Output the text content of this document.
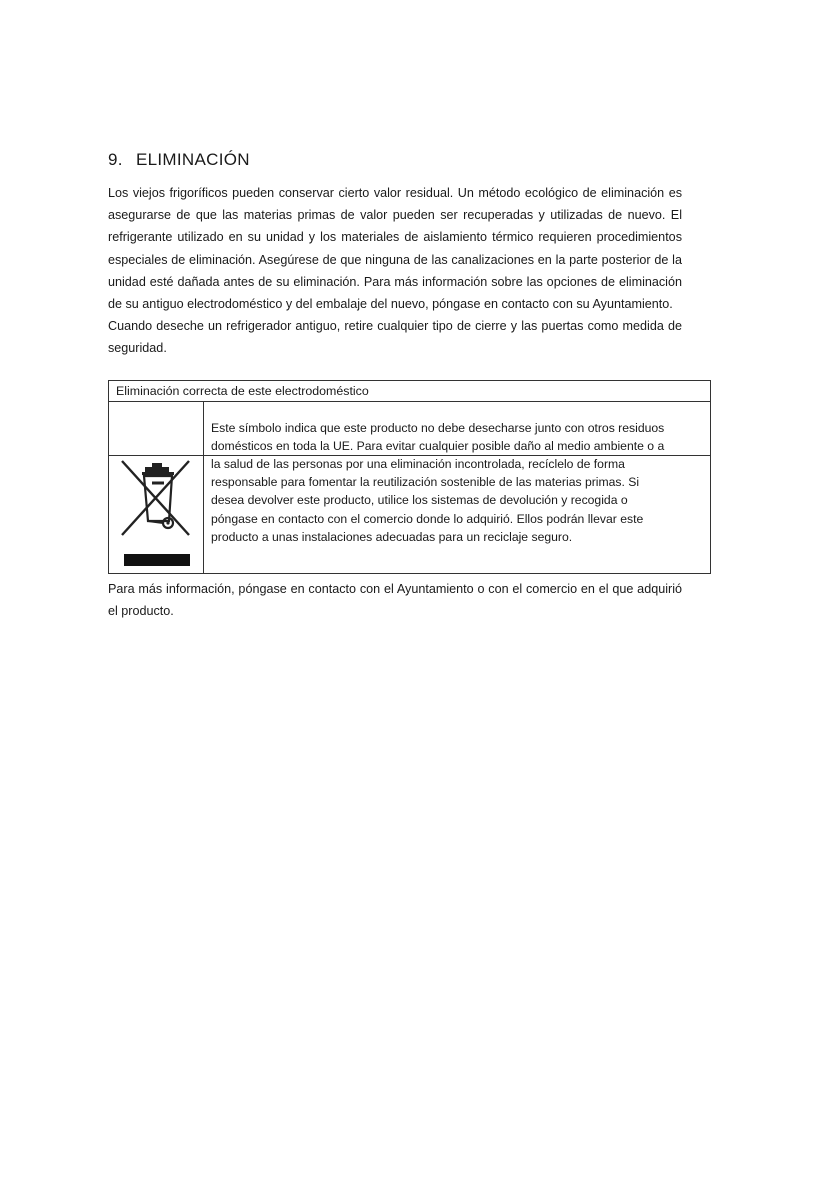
9. ELIMINACIÓN

Los viejos frigoríficos pueden conservar cierto valor residual. Un método ecológico de eliminación es asegurarse de que las materias primas de valor pueden ser recuperadas y utilizadas de nuevo. El refrigerante utilizado en su unidad y los materiales de aislamiento térmico requieren procedimientos especiales de eliminación. Asegúrese de que ninguna de las canalizaciones en la parte posterior de la unidad esté dañada antes de su eliminación. Para más información sobre las opciones de eliminación de su antiguo electrodoméstico y del embalaje del nuevo, póngase en contacto con su Ayuntamiento.

Cuando deseche un refrigerador antiguo, retire cualquier tipo de cierre y las puertas como medida de seguridad.

Eliminación correcta de este electrodoméstico
Este símbolo indica que este producto no debe desecharse junto con otros residuos
domésticos en toda la UE. Para evitar cualquier posible daño al medio ambiente o a
la salud de las personas por una eliminación incontrolada, recíclelo de forma
responsable para fomentar la reutilización sostenible de las materias primas. Si
desea devolver este producto, utilice los sistemas de devolución y recogida o
póngase en contacto con el comercio donde lo adquirió. Ellos podrán llevar este
producto a unas instalaciones adecuadas para un reciclaje seguro.

Para más información, póngase en contacto con el Ayuntamiento o con el comercio en el que adquirió el producto.
